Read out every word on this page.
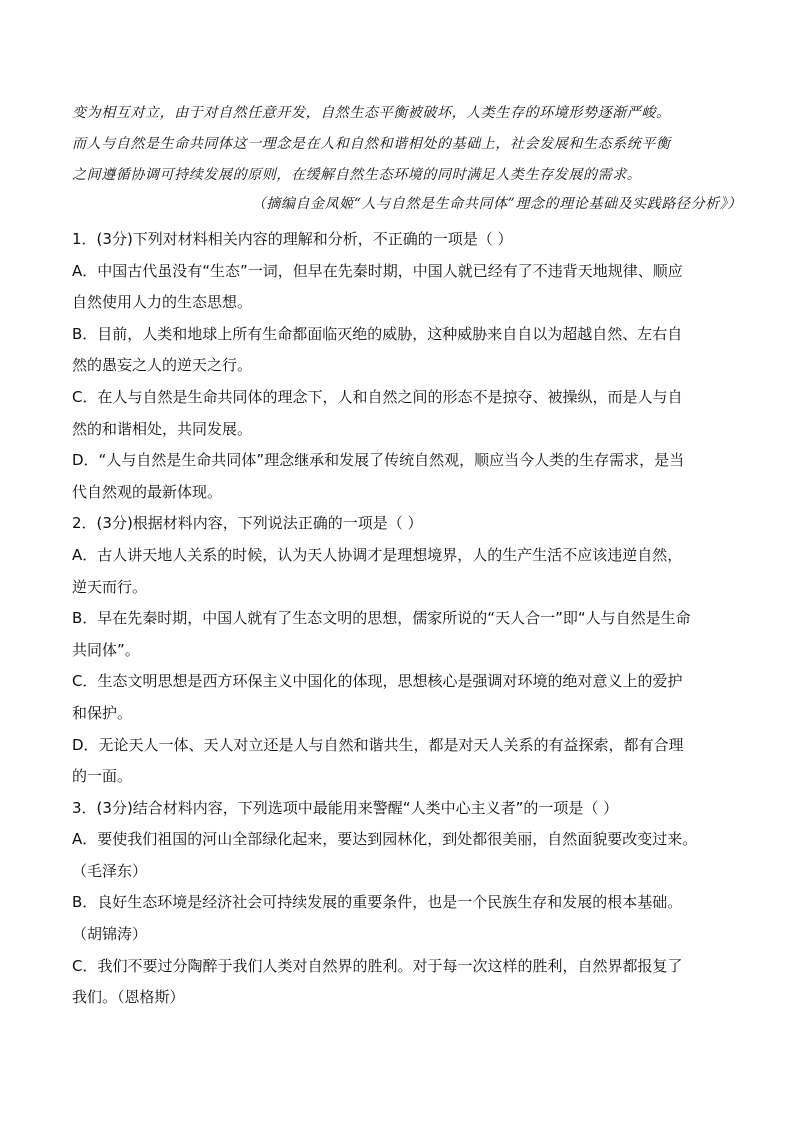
变为相互对立，由于对自然任意开发，自然生态平衡被破坏，人类生存的环境形势逐渐严峻。
而人与自然是生命共同体这一理念是在人和自然和谐相处的基础上，社会发展和生态系统平衡
之间遵循协调可持续发展的原则，在缓解自然生态环境的同时满足人类生存发展的需求。
（摘编自金凤姬“人与自然是生命共同体”理念的理论基础及实践路径分析》）
1．(3分)下列对材料相关内容的理解和分析，不正确的一项是（ ）
A．中国古代虽没有“生态”一词，但早在先秦时期，中国人就已经有了不违背天地规律、顺应
自然使用人力的生态思想。
B．目前，人类和地球上所有生命都面临灭绝的威胁，这种威胁来自自以为超越自然、左右自
然的愚妄之人的逆天之行。
C．在人与自然是生命共同体的理念下，人和自然之间的形态不是掠夺、被操纵，而是人与自
然的和谐相处，共同发展。
D．“人与自然是生命共同体”理念继承和发展了传统自然观，顺应当今人类的生存需求，是当
代自然观的最新体现。
2．(3分)根据材料内容，下列说法正确的一项是（ ）
A．古人讲天地人关系的时候，认为天人协调才是理想境界，人的生产生活不应该违逆自然，
逆天而行。
B．早在先秦时期，中国人就有了生态文明的思想，儒家所说的“天人合一”即“人与自然是生命
共同体”。
C．生态文明思想是西方环保主义中国化的体现，思想核心是强调对环境的绝对意义上的爱护
和保护。
D．无论天人一体、天人对立还是人与自然和谐共生，都是对天人关系的有益探索，都有合理
的一面。
3．(3分)结合材料内容，下列选项中最能用来警醒“人类中心主义者”的一项是（ ）
A．要使我们祖国的河山全部绿化起来，要达到园林化，到处都很美丽，自然面貌要改变过来。
（毛泽东）
B．良好生态环境是经济社会可持续发展的重要条件，也是一个民族生存和发展的根本基础。
（胡锦涛）
C．我们不要过分陶醉于我们人类对自然界的胜利。对于每一次这样的胜利，自然界都报复了
我们。（恩格斯）
